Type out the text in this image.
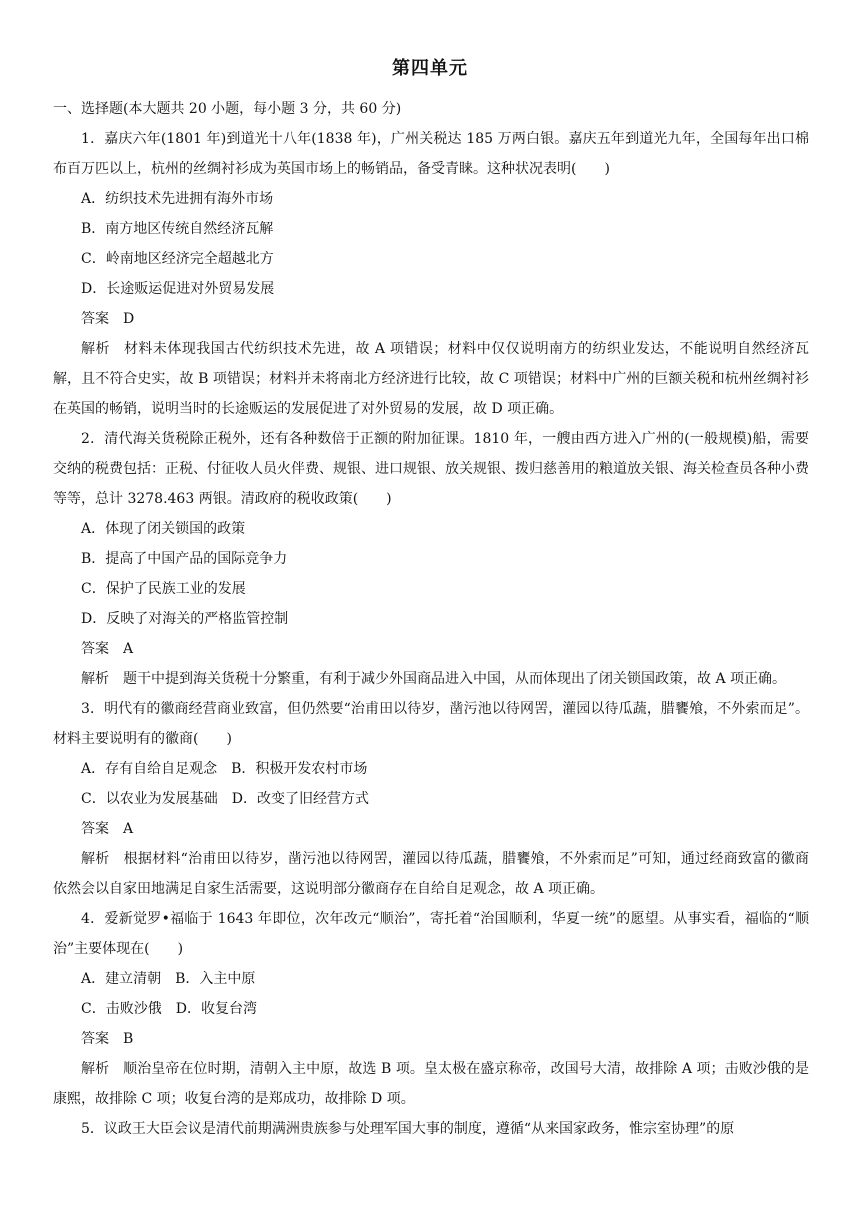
第四单元

一、选择题(本大题共 20 小题，每小题 3 分，共 60 分)

1．嘉庆六年(1801 年)到道光十八年(1838 年)，广州关税达 185 万两白银。嘉庆五年到道光九年，全国每年出口棉布百万匹以上，杭州的丝绸衬衫成为英国市场上的畅销品，备受青睐。这种状况表明(　　)

A．纺织技术先进拥有海外市场

B．南方地区传统自然经济瓦解

C．岭南地区经济完全超越北方

D．长途贩运促进对外贸易发展

答案 D

解析 材料未体现我国古代纺织技术先进，故 A 项错误；材料中仅仅说明南方的纺织业发达，不能说明自然经济瓦解，且不符合史实，故 B 项错误；材料并未将南北方经济进行比较，故 C 项错误；材料中广州的巨额关税和杭州丝绸衬衫在英国的畅销，说明当时的长途贩运的发展促进了对外贸易的发展，故 D 项正确。

2．清代海关货税除正税外，还有各种数倍于正额的附加征课。1810 年，一艘由西方进入广州的(一般规模)船，需要交纳的税费包括：正税、付征收人员火伴费、规银、进口规银、放关规银、拨归慈善用的粮道放关银、海关检查员各种小费等等，总计 3278.463 两银。清政府的税收政策(　　)

A．体现了闭关锁国的政策

B．提高了中国产品的国际竞争力

C．保护了民族工业的发展

D．反映了对海关的严格监管控制

答案 A

解析 题干中提到海关货税十分繁重，有利于减少外国商品进入中国，从而体现出了闭关锁国政策，故 A 项正确。

3．明代有的徽商经营商业致富，但仍然要“治甫田以待岁，凿污池以待网罟，灌园以待瓜蔬，腊饔飧，不外索而足”。材料主要说明有的徽商(　　)

A．存有自给自足观念 B．积极开发农村市场

C．以农业为发展基础 D．改变了旧经营方式

答案 A

解析 根据材料“治甫田以待岁，凿污池以待网罟，灌园以待瓜蔬，腊饔飧，不外索而足”可知，通过经商致富的徽商依然会以自家田地满足自家生活需要，这说明部分徽商存在自给自足观念，故 A 项正确。

4．爱新觉罗•福临于 1643 年即位，次年改元“顺治”，寄托着“治国顺利，华夏一统”的愿望。从事实看，福临的“顺治”主要体现在(　　)

A．建立清朝 B．入主中原

C．击败沙俄 D．收复台湾

答案 B

解析 顺治皇帝在位时期，清朝入主中原，故选 B 项。皇太极在盛京称帝，改国号大清，故排除 A 项；击败沙俄的是康熙，故排除 C 项；收复台湾的是郑成功，故排除 D 项。

5．议政王大臣会议是清代前期满洲贵族参与处理军国大事的制度，遵循“从来国家政务，惟宗室协理”的原
